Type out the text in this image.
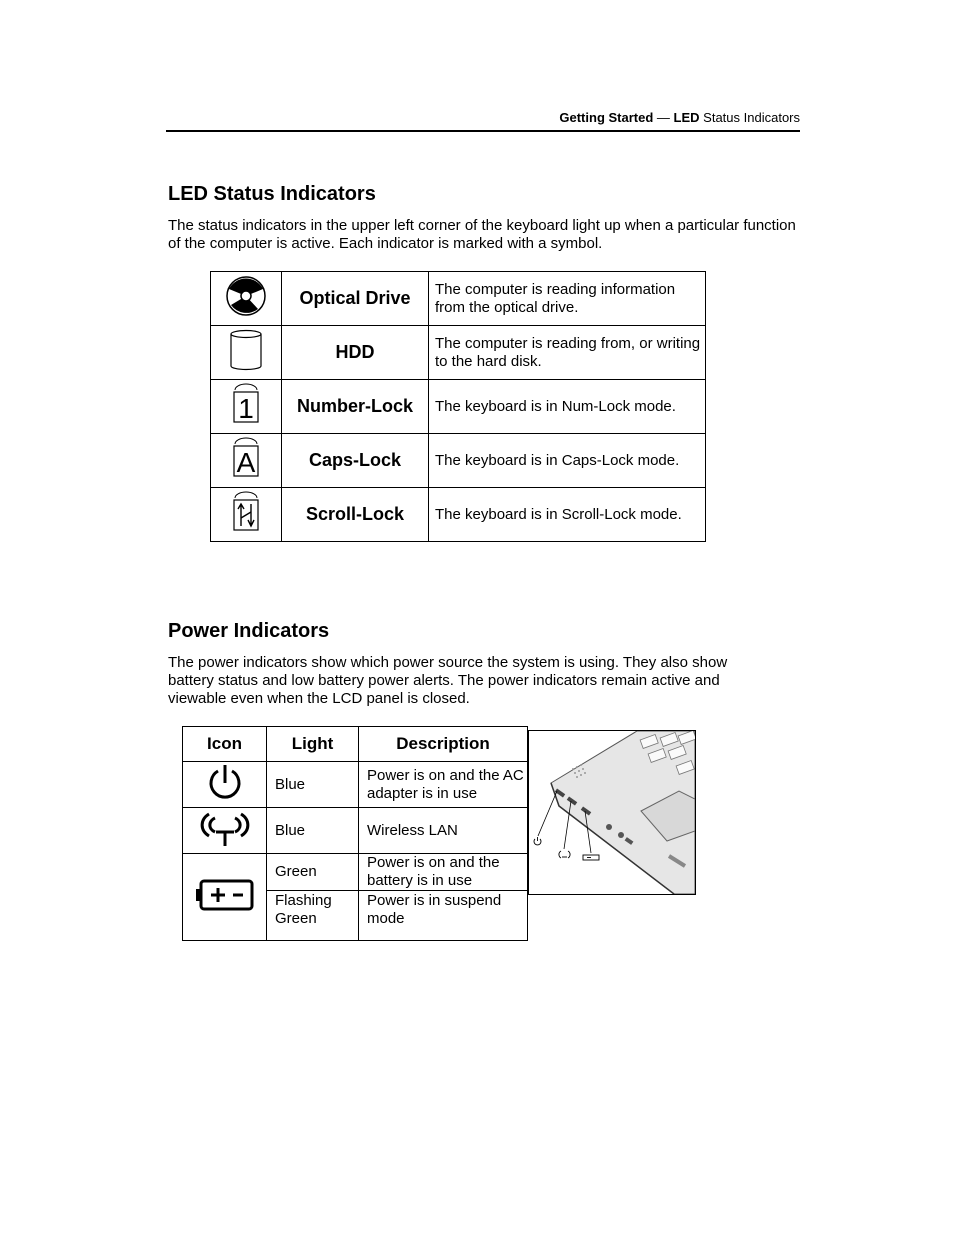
Getting Started — LED Status Indicators
LED Status Indicators
The status indicators in the upper left corner of the keyboard light up when a particular function of the computer is active. Each indicator is marked with a symbol.
	Optical Drive	The computer is reading information from the optical drive.
	HDD	The computer is reading from, or writing to the hard disk.

1	Number-Lock	The keyboard is in Num-Lock mode.

A	Caps-Lock	The keyboard is in Caps-Lock mode.
	Scroll-Lock	The keyboard is in Scroll-Lock mode.
Power Indicators
The power indicators show which power source the system is using. They also show battery status and low battery power alerts. The power indicators remain active and viewable even when the LCD panel is closed.
Icon	Light	Description
	Blue	Power is on and the AC adapter is in use
	Blue	Wireless LAN
	Green	Power is on and the battery is in use
	Flashing Green	Power is in suspend mode
